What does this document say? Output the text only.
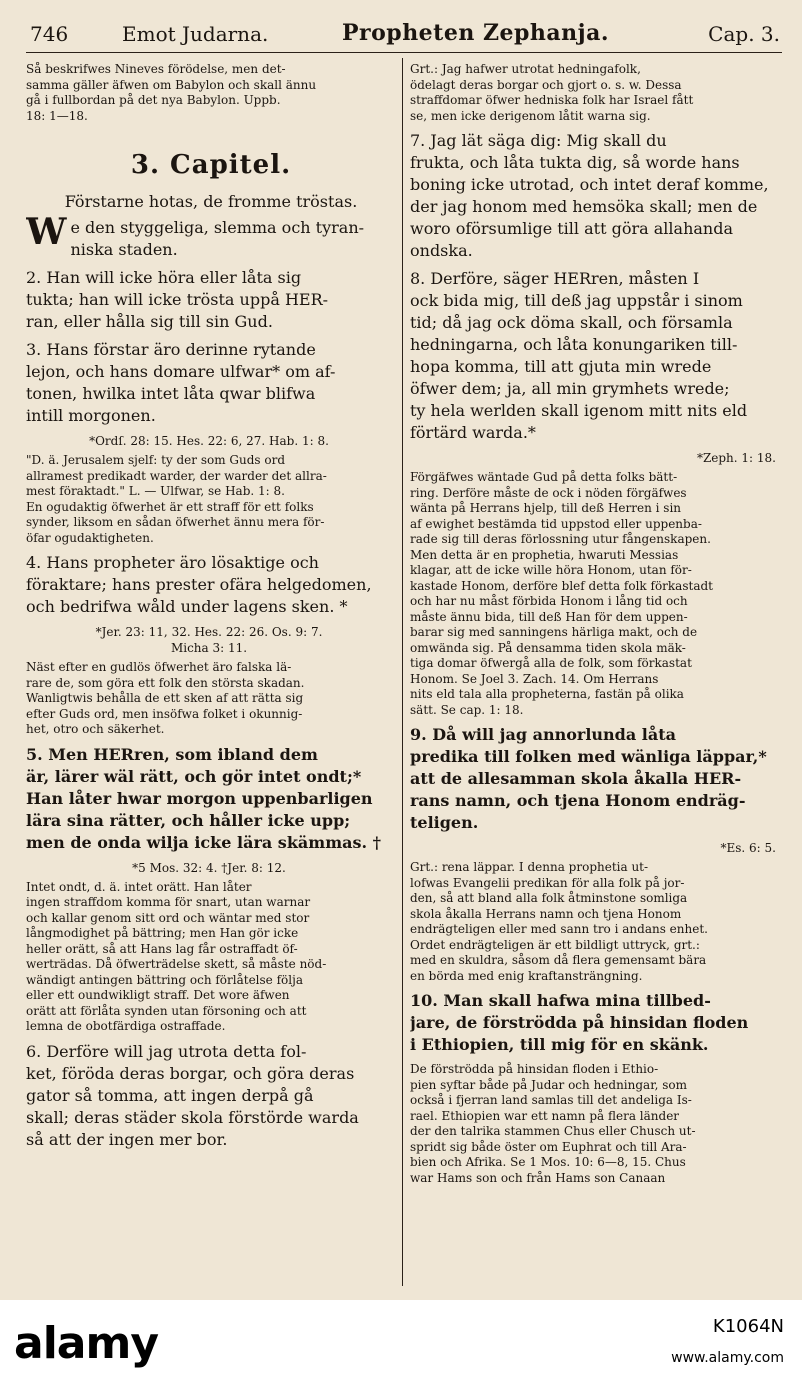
746	Emot Judarna.	Propheten Zephanja.	Cap. 3.

Så beskrifwes Nineves förödelse, men det-
samma gäller äfwen om Babylon och skall ännu
gå i fullbordan på det nya Babylon. Uppb.
18: 1—18.

3. Capitel.
Förstarne hotas, de fromme tröstas.

We den styggeliga, slemma och tyran-
niska staden.

2. Han will icke höra eller låta sig
tukta; han will icke trösta uppå HER-
ran, eller hålla sig till sin Gud.

3. Hans förstar äro derinne rytande
lejon, och hans domare ulfwar* om af-
tonen, hwilka intet låta qwar blifwa
intill morgonen.

*Ordſ. 28: 15. Hes. 22: 6, 27. Hab. 1: 8.

"D. ä. Jerusalem sjelf: ty der som Guds ord
allramest predikadt warder, der warder det allra-
mest föraktadt." L. — Ulfwar, se Hab. 1: 8.
En ogudaktig öfwerhet är ett straff för ett folks
synder, liksom en sådan öfwerhet ännu mera för-
öfar ogudaktigheten.

4. Hans propheter äro lösaktige och
föraktare; hans prester ofära helgedomen,
och bedrifwa wåld under lagens sken. *

*Jer. 23: 11, 32. Hes. 22: 26. Os. 9: 7.
Micha 3: 11.

Näst efter en gudlös öfwerhet äro falska lä-
rare de, som göra ett folk den största skadan.
Wanligtwis behålla de ett sken af att rätta sig
efter Guds ord, men insöfwa folket i okunnig-
het, otro och säkerhet.

5. Men HERren, som ibland dem
är, lärer wäl rätt, och gör intet ondt;*
Han låter hwar morgon uppenbarligen
lära sina rätter, och håller icke upp;
men de onda wilja icke lära skämmas. †

*5 Mos. 32: 4. †Jer. 8: 12.

Intet ondt, d. ä. intet orätt. Han låter
ingen straffdom komma för snart, utan warnar
och kallar genom sitt ord och wäntar med stor
långmodighet på bättring; men Han gör icke
heller orätt, så att Hans lag får ostraffadt öf-
werträdas. Då öfwerträdelse skett, så måste nöd-
wändigt antingen bättring och förlåtelse följa
eller ett oundwikligt straff. Det wore äfwen
orätt att förlåta synden utan försoning och att
lemna de obotfärdiga ostraffade.

6. Derföre will jag utrota detta fol-
ket, föröda deras borgar, och göra deras
gator så tomma, att ingen derpå gå
skall; deras städer skola förstörde warda
så att der ingen mer bor.

Grt.: Jag hafwer utrotat hedningafolk,
ödelagt deras borgar och gjort o. s. w. Dessa
straffdomar öfwer hedniska folk har Israel fått
se, men icke derigenom låtit warna sig.

7. Jag lät säga dig: Mig skall du
frukta, och låta tukta dig, så worde hans
boning icke utrotad, och intet deraf komme,
der jag honom med hemsöka skall; men de
woro oförsumlige till att göra allahanda
ondska.

8. Derföre, säger HERren, måsten I
ock bida mig, till deß jag uppstår i sinom
tid; då jag ock döma skall, och församla
hedningarna, och låta konungariken till-
hopa komma, till att gjuta min wrede
öfwer dem; ja, all min grymhets wrede;
ty hela werlden skall igenom mitt nits eld
förtärd warda.*

*Zeph. 1: 18.

Förgäfwes wäntade Gud på detta folks bätt-
ring. Derföre måste de ock i nöden förgäfwes
wänta på Herrans hjelp, till deß Herren i sin
af ewighet bestämda tid uppstod eller uppenba-
rade sig till deras förlossning utur fångenskapen.
Men detta är en prophetia, hwaruti Messias
klagar, att de icke wille höra Honom, utan för-
kastade Honom, derföre blef detta folk förkastadt
och har nu måst förbida Honom i lång tid och
måste ännu bida, till deß Han för dem uppen-
barar sig med sanningens härliga makt, och de
omwända sig. På densamma tiden skola mäk-
tiga domar öfwergå alla de folk, som förkastat
Honom. Se Joel 3. Zach. 14. Om Herrans
nits eld tala alla propheterna, fastän på olika
sätt. Se cap. 1: 18.

9. Då will jag annorlunda låta
predika till folken med wänliga läppar,*
att de allesamman skola åkalla HER-
rans namn, och tjena Honom endräg-
teligen.

*Es. 6: 5.

Grt.: rena läppar. I denna prophetia ut-
lofwas Evangelii predikan för alla folk på jor-
den, så att bland alla folk åtminstone somliga
skola åkalla Herrans namn och tjena Honom
endrägteligen eller med sann tro i andans enhet.
Ordet endrägteligen är ett bildligt uttryck, grt.:
med en skuldra, såsom då flera gemensamt bära
en börda med enig kraftansträngning.

10. Man skall hafwa mina tillbed-
jare, de förströdda på hinsidan floden
i Ethiopien, till mig för en skänk.

De förströdda på hinsidan floden i Ethio-
pien syftar både på Judar och hedningar, som
också i fjerran land samlas till det andeliga Is-
rael. Ethiopien war ett namn på flera länder
der den talrika stammen Chus eller Chusch ut-
spridt sig både öster om Euphrat och till Ara-
bien och Afrika. Se 1 Mos. 10: 6—8, 15. Chus
war Hams son och från Hams son Canaan

alamy	K1064N
www.alamy.com
